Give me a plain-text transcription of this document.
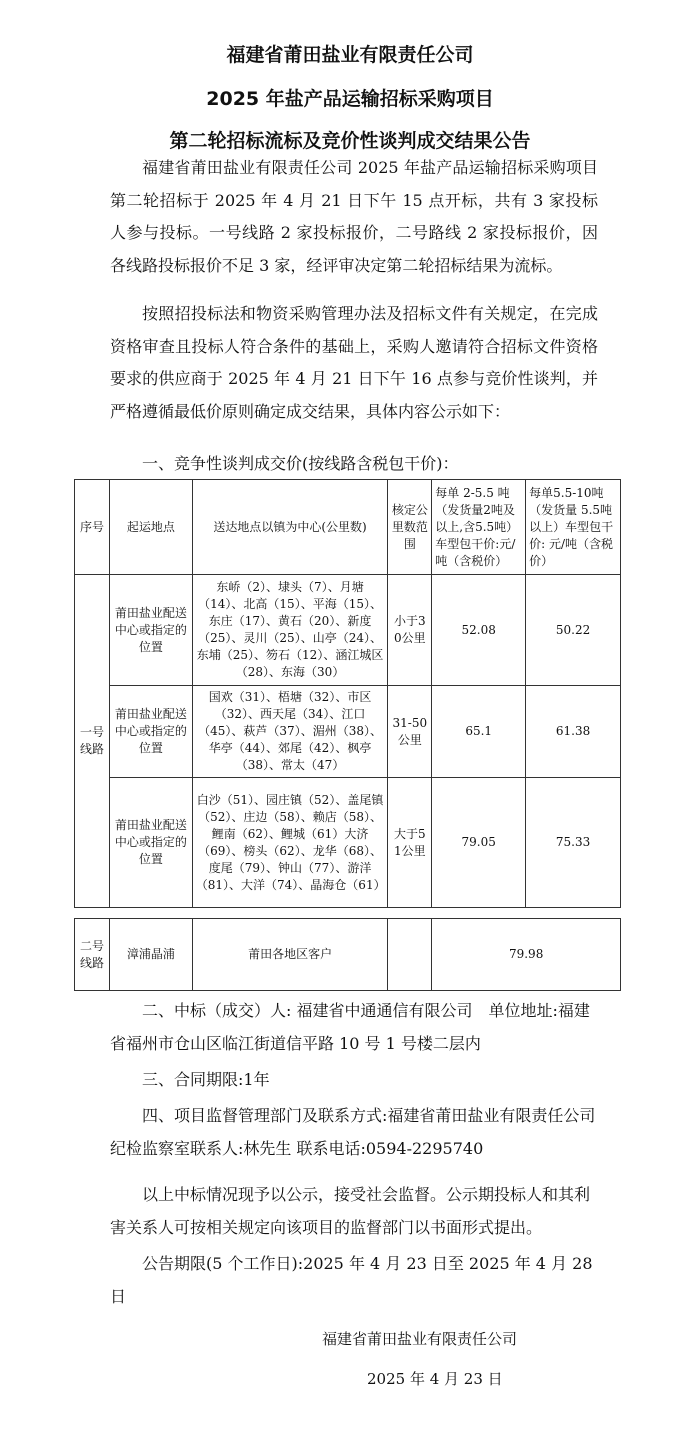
福建省莆田盐业有限责任公司
2025 年盐产品运输招标采购项目
第二轮招标流标及竞价性谈判成交结果公告
福建省莆田盐业有限责任公司 2025 年盐产品运输招标采购项目第二轮招标于 2025 年 4 月 21 日下午 15 点开标，共有 3 家投标人参与投标。一号线路 2 家投标报价，二号路线 2 家投标报价，因各线路投标报价不足 3 家，经评审决定第二轮招标结果为流标。
按照招投标法和物资采购管理办法及招标文件有关规定，在完成资格审查且投标人符合条件的基础上，采购人邀请符合招标文件资格要求的供应商于 2025 年 4 月 21 日下午 16 点参与竞价性谈判，并严格遵循最低价原则确定成交结果，具体内容公示如下：
一、竞争性谈判成交价(按线路含税包干价)：
序号	起运地点	送达地点以镇为中心(公里数)	核定公里数范围	每单 2-5.5 吨（发货量2吨及以上,含5.5吨）车型包干价:元/吨（含税价）	每单5.5-10吨（发货量 5.5吨以上）车型包干价: 元/吨（含税价）
一号线路	莆田盐业配送中心或指定的位置	东峤（2）、埭头（7）、月塘（14）、北高（15）、平海（15）、东庄（17）、黄石（20）、新度（25）、灵川（25）、山亭（24）、东埔（25）、笏石（12）、涵江城区（28）、东海（30）	小于30公里	52.08	50.22
	莆田盐业配送中心或指定的位置	国欢（31）、梧塘（32）、市区（32）、西天尾（34）、江口（45）、萩芦（37）、湄州（38）、华亭（44）、郊尾（42）、枫亭（38）、常太（47）	31-50公里	65.1	61.38
	莆田盐业配送中心或指定的位置	白沙（51）、园庄镇（52）、盖尾镇（52）、庄边（58）、赖店（58）、鲤南（62）、鲤城（61）大济（69）、榜头（62）、龙华（68）、度尾（79）、钟山（77）、游洋（81）、大洋（74）、晶海仓（61）	大于51公里	79.05	75.33
二号线路	漳浦晶浦	莆田各地区客户		79.98
二、中标（成交）人: 福建省中通通信有限公司　单位地址:福建省福州市仓山区临江街道信平路 10 号 1 号楼二层内
三、合同期限:1年
四、项目监督管理部门及联系方式:福建省莆田盐业有限责任公司纪检监察室联系人:林先生 联系电话:0594-2295740
以上中标情况现予以公示，接受社会监督。公示期投标人和其利害关系人可按相关规定向该项目的监督部门以书面形式提出。
公告期限(5 个工作日):2025 年 4 月 23 日至 2025 年 4 月 28 日
福建省莆田盐业有限责任公司
2025 年 4 月 23 日
